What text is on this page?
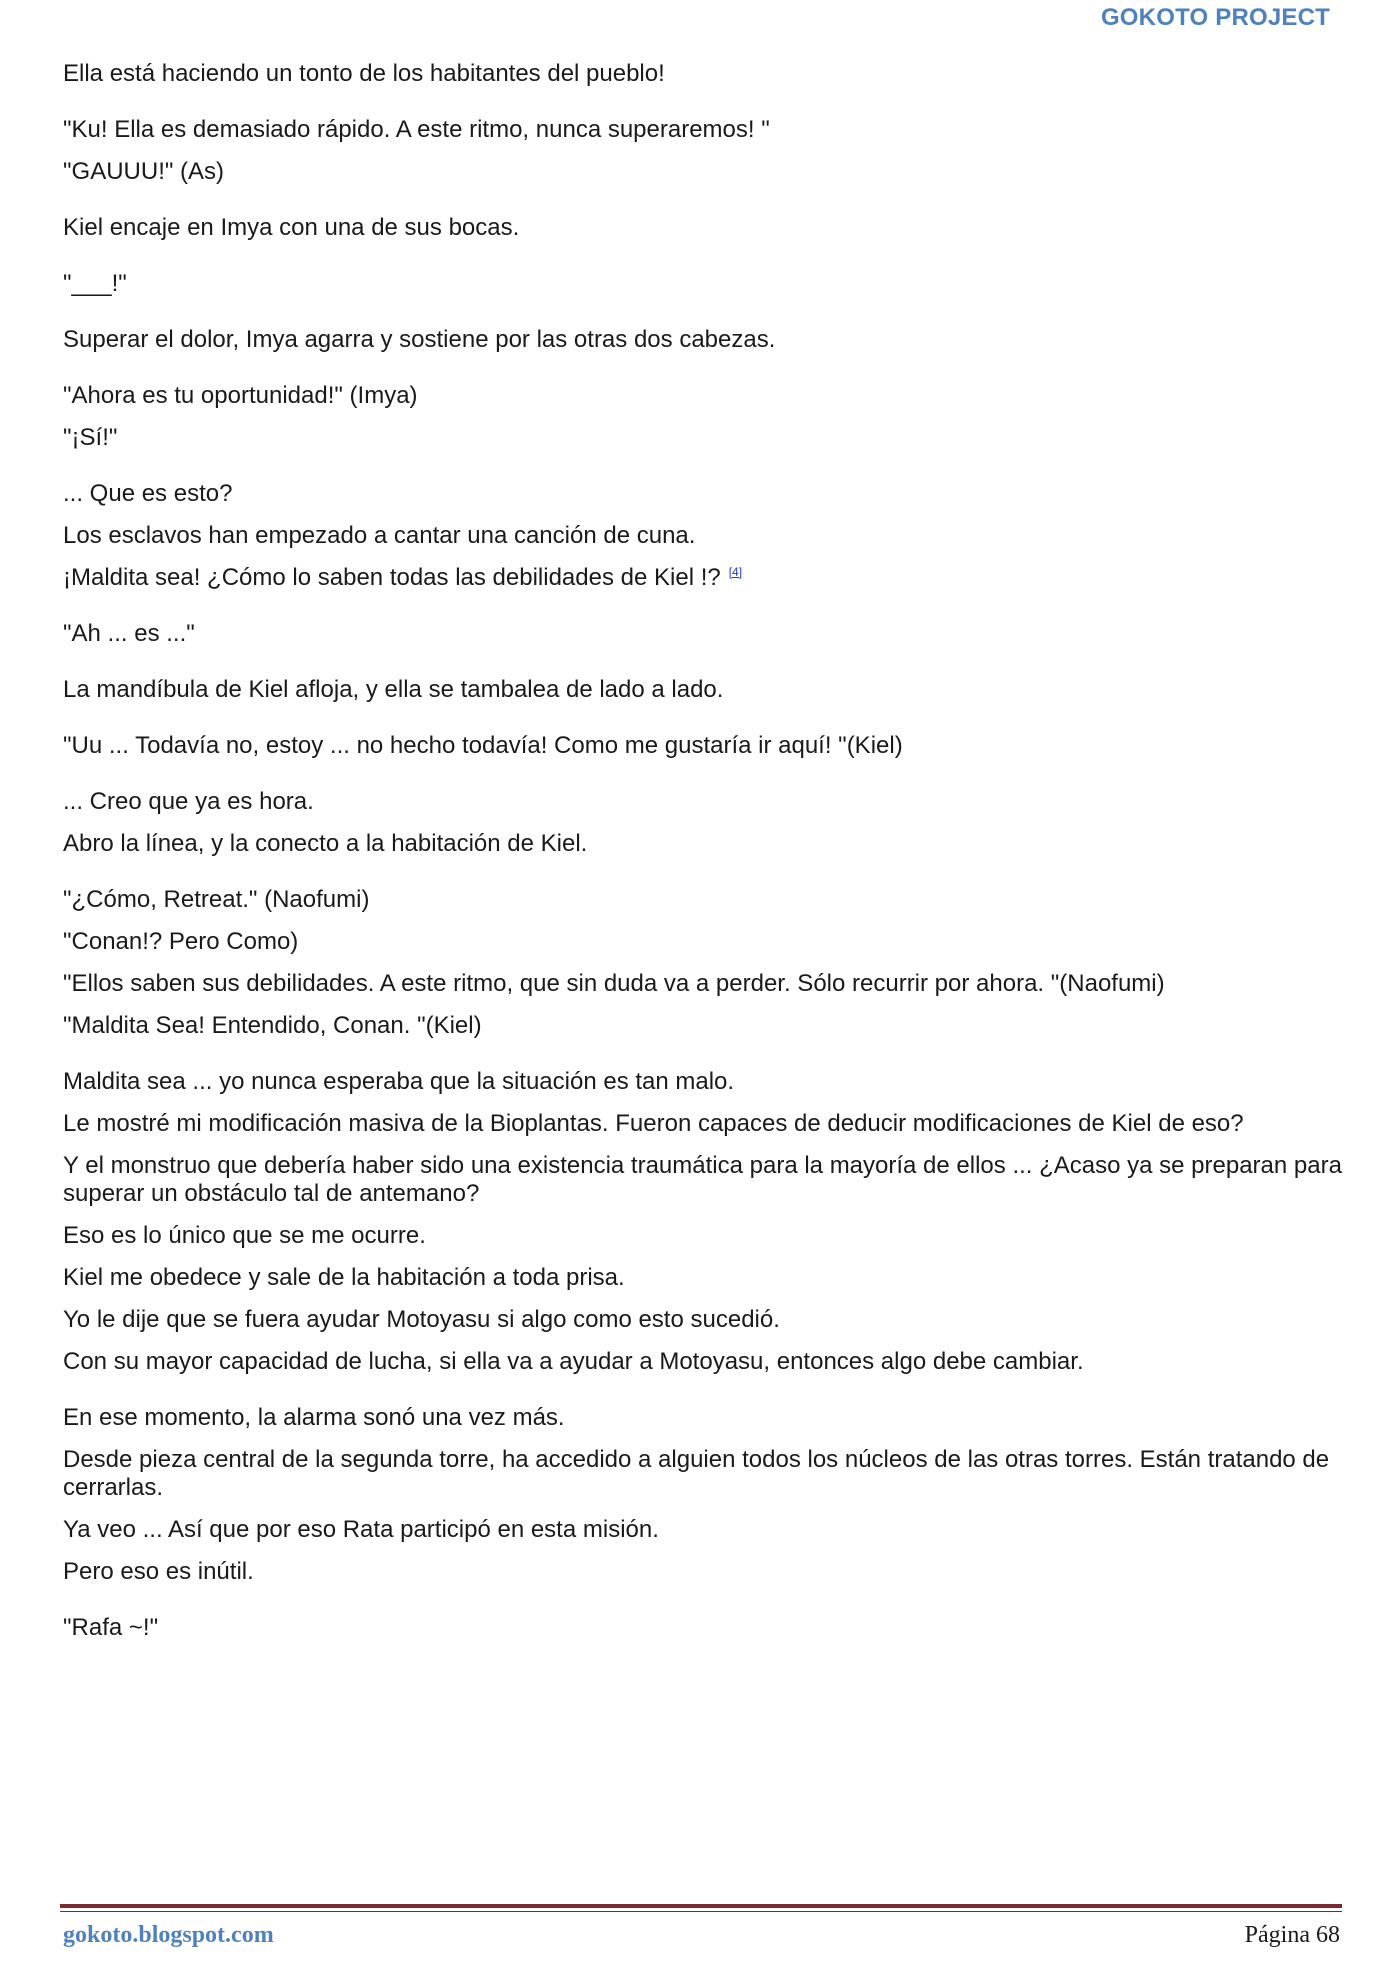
GOKOTO PROJECT
Ella está haciendo un tonto de los habitantes del pueblo!
"Ku! Ella es demasiado rápido. A este ritmo, nunca superaremos! "
"GAUUU!" (As)
Kiel encaje en Imya con una de sus bocas.
"___!"
Superar el dolor, Imya agarra y sostiene por las otras dos cabezas.
"Ahora es tu oportunidad!" (Imya)
"¡Sí!"
... Que es esto?
Los esclavos han empezado a cantar una canción de cuna.
¡Maldita sea! ¿Cómo lo saben todas las debilidades de Kiel !? [4]
"Ah ... es ..."
La mandíbula de Kiel afloja, y ella se tambalea de lado a lado.
"Uu ... Todavía no, estoy ... no hecho todavía! Como me gustaría ir aquí! "(Kiel)
... Creo que ya es hora.
Abro la línea, y la conecto a la habitación de Kiel.
"¿Cómo, Retreat." (Naofumi)
"Conan!? Pero Como)
"Ellos saben sus debilidades. A este ritmo, que sin duda va a perder. Sólo recurrir por ahora. "(Naofumi)
"Maldita Sea! Entendido, Conan. "(Kiel)
Maldita sea ... yo nunca esperaba que la situación es tan malo.
Le mostré mi modificación masiva de la Bioplantas. Fueron capaces de deducir modificaciones de Kiel de eso?
Y el monstruo que debería haber sido una existencia traumática para la mayoría de ellos ... ¿Acaso ya se preparan para superar un obstáculo tal de antemano?
Eso es lo único que se me ocurre.
Kiel me obedece y sale de la habitación a toda prisa.
Yo le dije que se fuera ayudar Motoyasu si algo como esto sucedió.
Con su mayor capacidad de lucha, si ella va a ayudar a Motoyasu, entonces algo debe cambiar.
En ese momento, la alarma sonó una vez más.
Desde pieza central de la segunda torre, ha accedido a alguien todos los núcleos de las otras torres. Están tratando de cerrarlas.
Ya veo ... Así que por eso Rata participó en esta misión.
Pero eso es inútil.
"Rafa ~!"
gokoto.blogspot.com	Página 68
